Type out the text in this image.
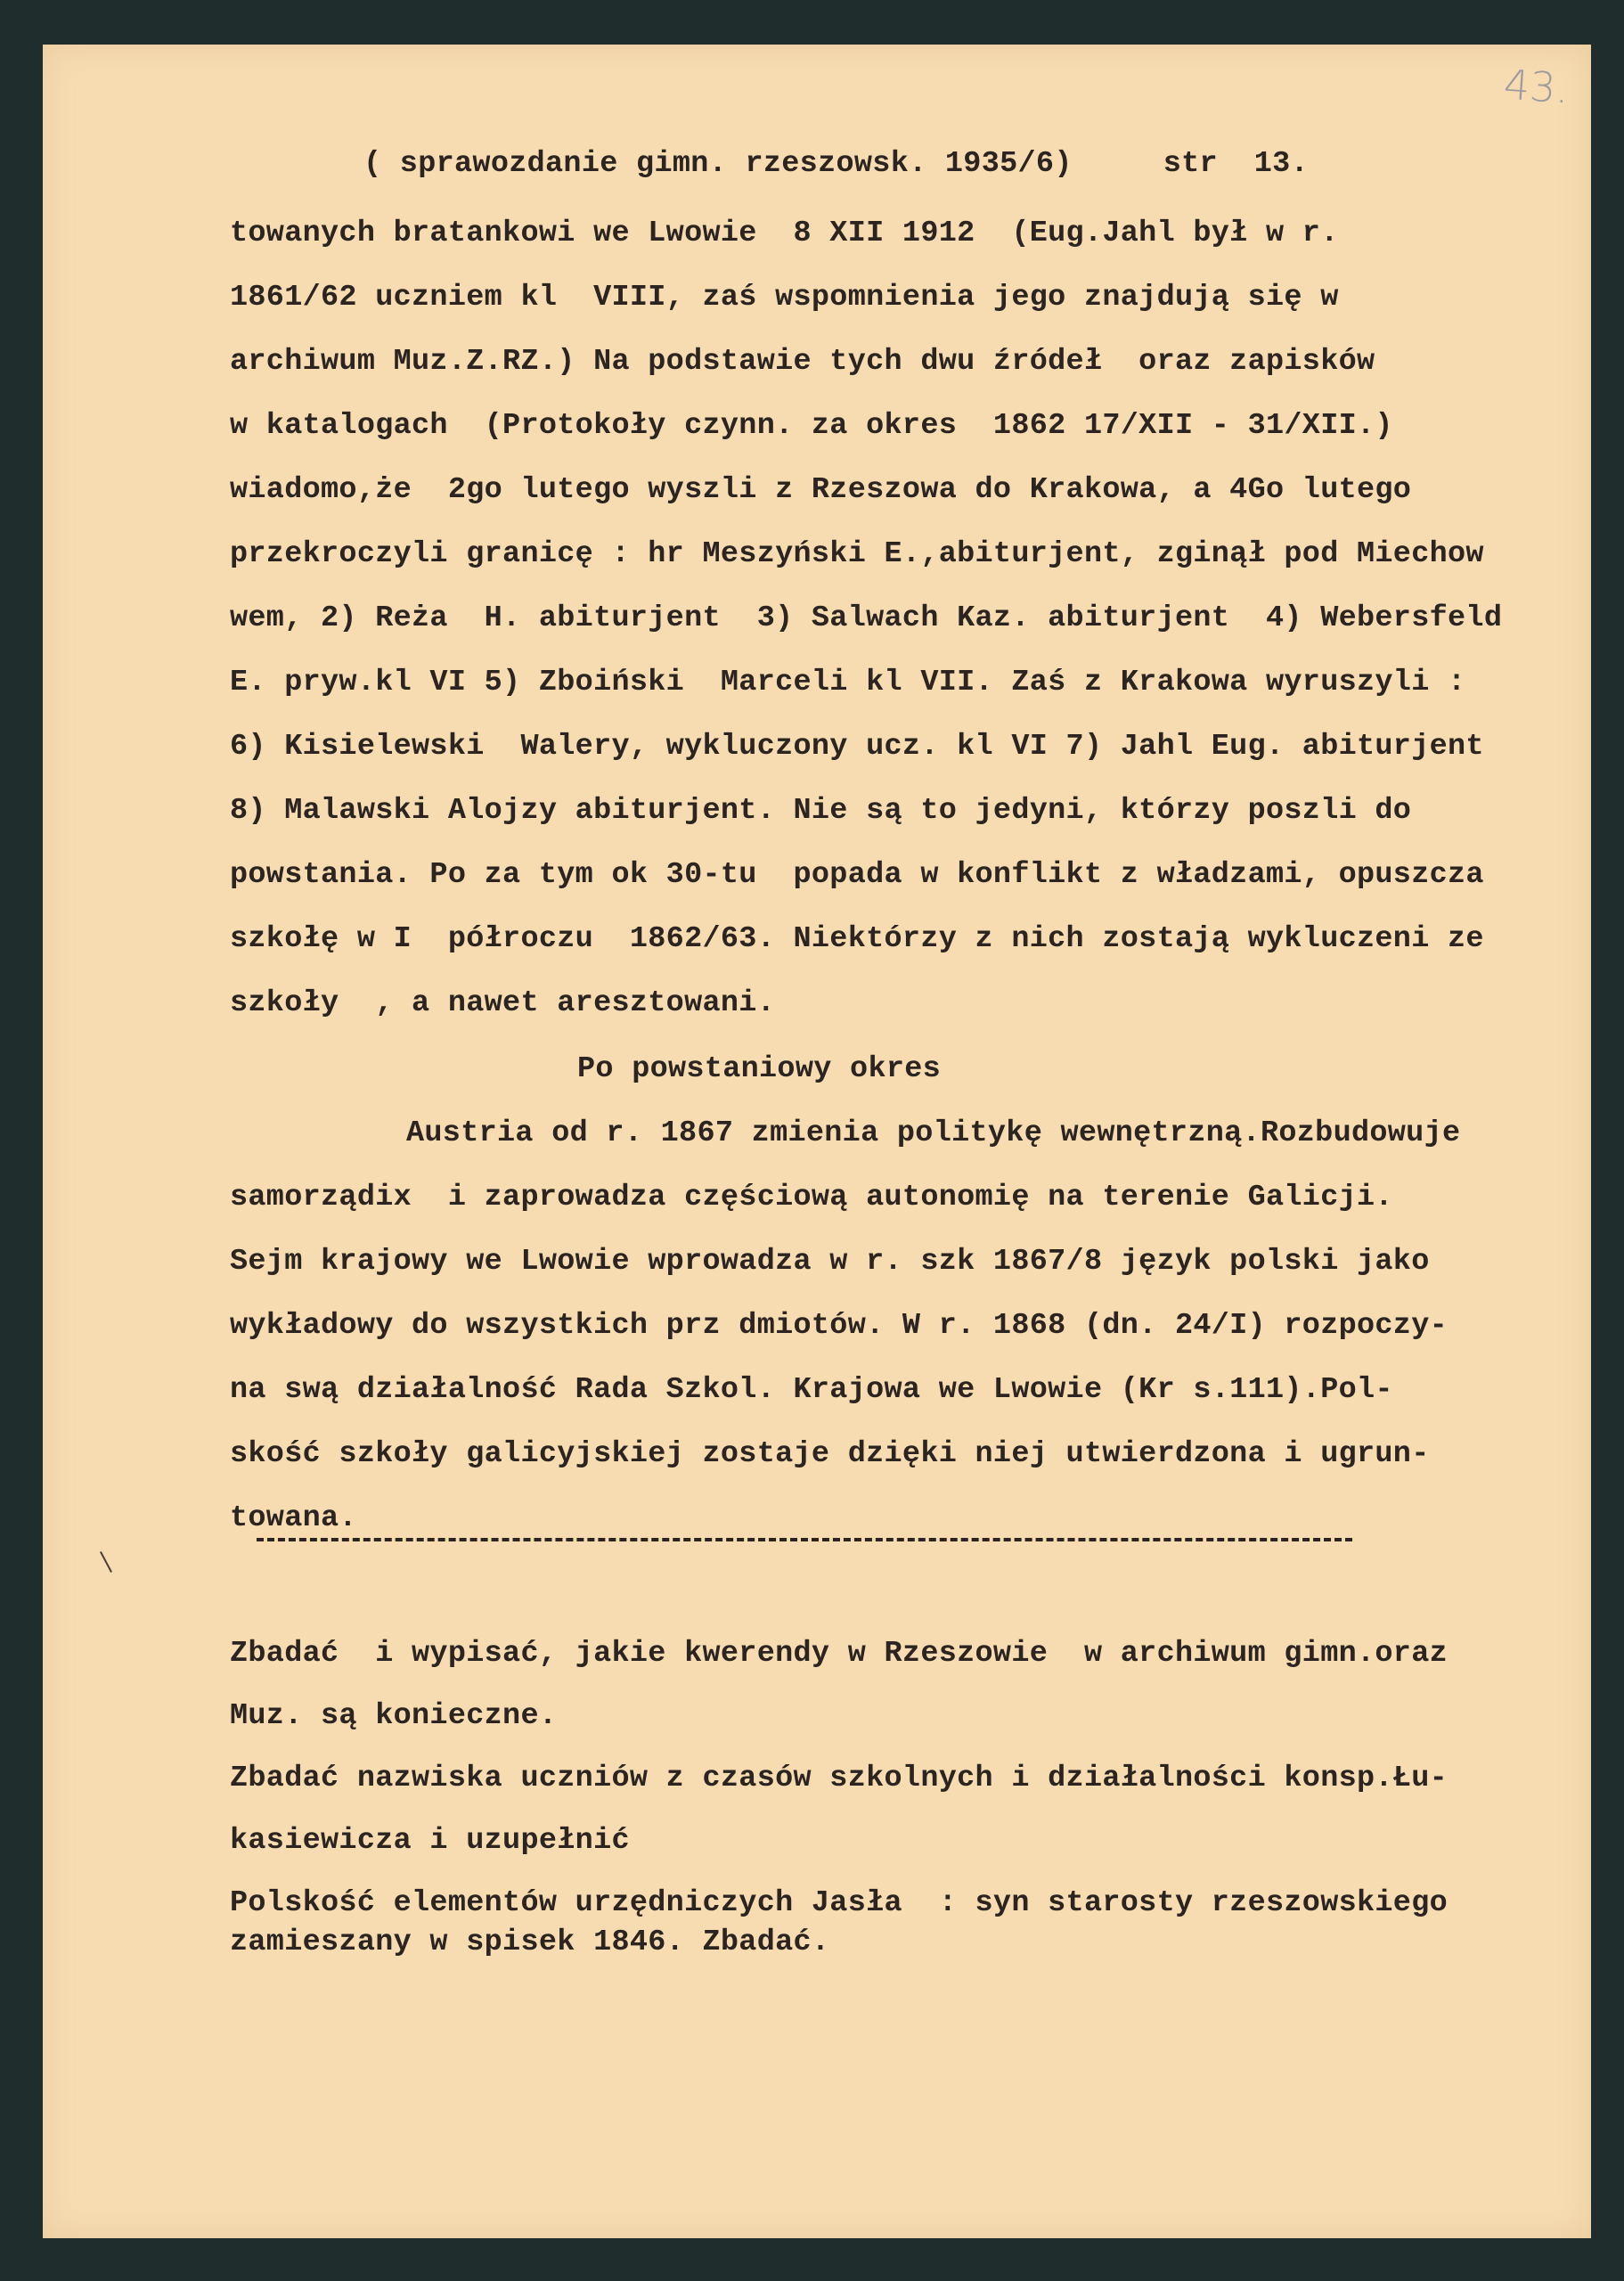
43.
( sprawozdanie gimn. rzeszowsk. 1935/6)     str  13.
towanych bratankowi we Lwowie  8 XII 1912  (Eug.Jahl był w r.
1861/62 uczniem kl  VIII, zaś wspomnienia jego znajdują się w
archiwum Muz.Z.RZ.) Na podstawie tych dwu źródeł  oraz zapisków
w katalogach  (Protokoły czynn. za okres  1862 17/XII - 31/XII.)
wiadomo,że  2go lutego wyszli z Rzeszowa do Krakowa, a 4Go lutego
przekroczyli granicę : hr Meszyński E.,abiturjent, zginął pod Miechow
wem, 2) Reża  H. abiturjent  3) Salwach Kaz. abiturjent  4) Webersfeld
E. pryw.kl VI 5) Zboiński  Marceli kl VII. Zaś z Krakowa wyruszyli :
6) Kisielewski  Walery, wykluczony ucz. kl VI 7) Jahl Eug. abiturjent
8) Malawski Alojzy abiturjent. Nie są to jedyni, którzy poszli do
powstania. Po za tym ok 30-tu  popada w konflikt z władzami, opuszcza
szkołę w I  półroczu  1862/63. Niektórzy z nich zostają wykluczeni ze
szkoły  , a nawet aresztowani.
Po powstaniowy okres
Austria od r. 1867 zmienia politykę wewnętrzną.Rozbudowuje
samorządix  i zaprowadza częściową autonomię na terenie Galicji.
Sejm krajowy we Lwowie wprowadza w r. szk 1867/8 język polski jako
wykładowy do wszystkich prz dmiotów. W r. 1868 (dn. 24/I) rozpoczy-
na swą działalność Rada Szkol. Krajowa we Lwowie (Kr s.111).Pol-
skość szkoły galicyjskiej zostaje dzięki niej utwierdzona i ugrun-
towana.
Zbadać  i wypisać, jakie kwerendy w Rzeszowie  w archiwum gimn.oraz
Muz. są konieczne.
Zbadać nazwiska uczniów z czasów szkolnych i działalności konsp.Łu-
kasiewicza i uzupełnić
Polskość elementów urzędniczych Jasła  : syn starosty rzeszowskiego
zamieszany w spisek 1846. Zbadać.
